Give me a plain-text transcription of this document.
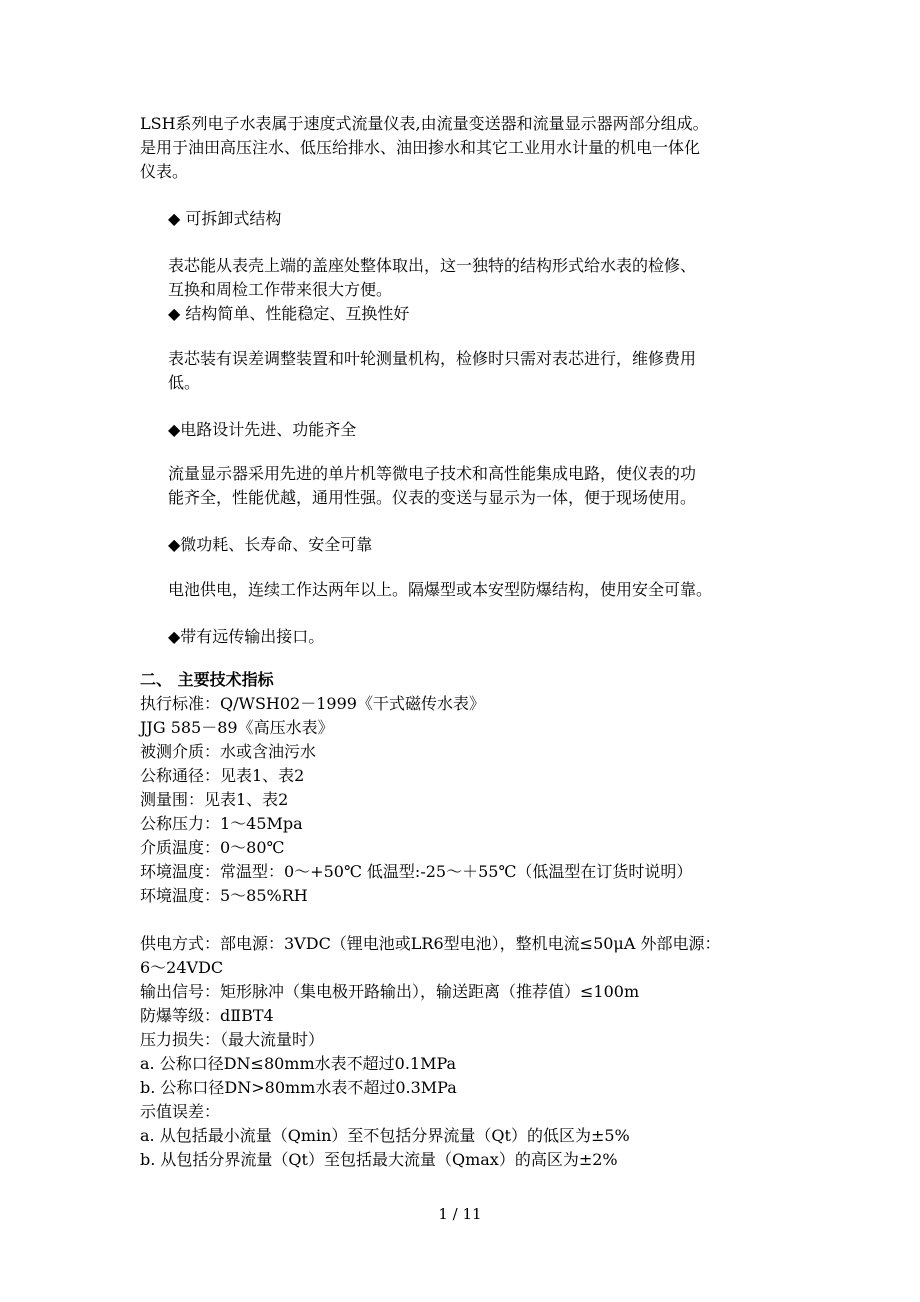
LSH系列电子水表属于速度式流量仪表,由流量变送器和流量显示器两部分组成。
是用于油田高压注水、低压给排水、油田掺水和其它工业用水计量的机电一体化
仪表。
◆ 可拆卸式结构
表芯能从表壳上端的盖座处整体取出，这一独特的结构形式给水表的检修、
互换和周检工作带来很大方便。
◆ 结构简单、性能稳定、互换性好
表芯装有误差调整装置和叶轮测量机构，检修时只需对表芯进行，维修费用
低。
◆电路设计先进、功能齐全
流量显示器采用先进的单片机等微电子技术和高性能集成电路，使仪表的功
能齐全，性能优越，通用性强。仪表的变送与显示为一体，便于现场使用。
◆微功耗、长寿命、安全可靠
电池供电，连续工作达两年以上。隔爆型或本安型防爆结构，使用安全可靠。
◆带有远传输出接口。
二、 主要技术指标
执行标准：Q/WSH02－1999《干式磁传水表》
JJG 585－89《高压水表》
被测介质：水或含油污水
公称通径：见表1、表2
测量围：见表1、表2
公称压力：1～45Mpa
介质温度：0～80℃
环境温度：常温型：0～+50℃ 低温型:-25～＋55℃（低温型在订货时说明）
环境温度：5～85%RH
供电方式：部电源：3VDC（锂电池或LR6型电池），整机电流≤50μA 外部电源：
6～24VDC
输出信号：矩形脉冲（集电极开路输出），输送距离（推荐值）≤100m
防爆等级：dⅡBT4
压力损失：（最大流量时）
a. 公称口径DN≤80mm水表不超过0.1MPa
b. 公称口径DN>80mm水表不超过0.3MPa
示值误差：
a. 从包括最小流量（Qmin）至不包括分界流量（Qt）的低区为±5%
b. 从包括分界流量（Qt）至包括最大流量（Qmax）的高区为±2%
1 / 11
